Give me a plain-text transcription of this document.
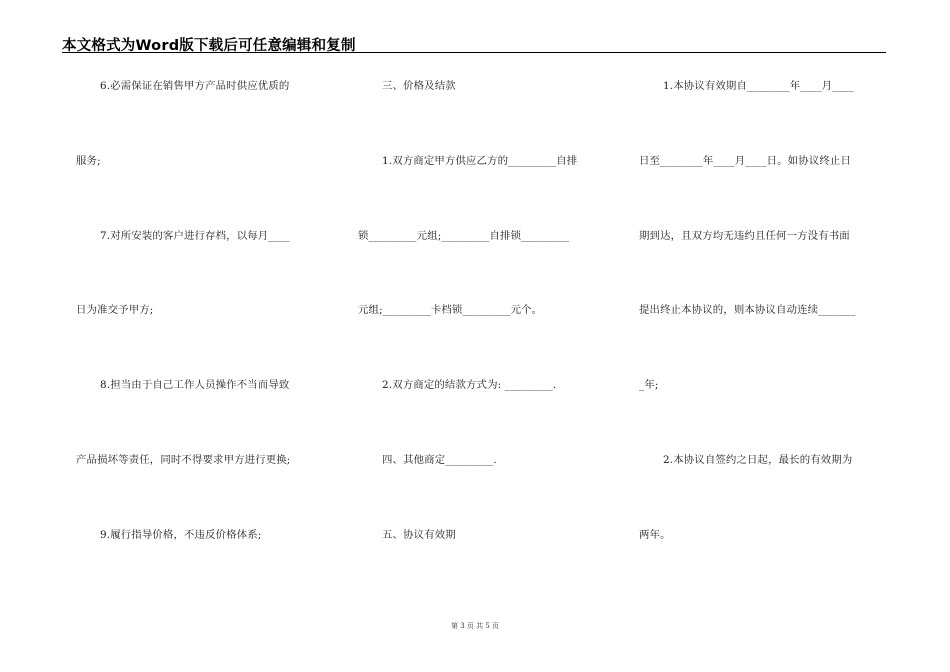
本文格式为Word版下载后可任意编辑和复制
6.必需保证在销售甲方产品时供应优质的
服务;
7.对所安装的客户进行存档，以每月____
日为准交予甲方;
8.担当由于自己工作人员操作不当而导致
产品损坏等责任，同时不得要求甲方进行更换;
9.履行指导价格，不违反价格体系;
三、价格及结款
1.双方商定甲方供应乙方的_________自排
锁_________元组;_________自排锁_________
元组;_________卡档锁_________元个。
2.双方商定的结款方式为: _________.
四、其他商定_________.
五、协议有效期
1.本协议有效期自________年____月____
日至________年____月____日。如协议终止日
期到达，且双方均无违约且任何一方没有书面
提出终止本协议的，则本协议自动连续_______
_年;
2.本协议自签约之日起，最长的有效期为
两年。
第 3 页 共 5 页
